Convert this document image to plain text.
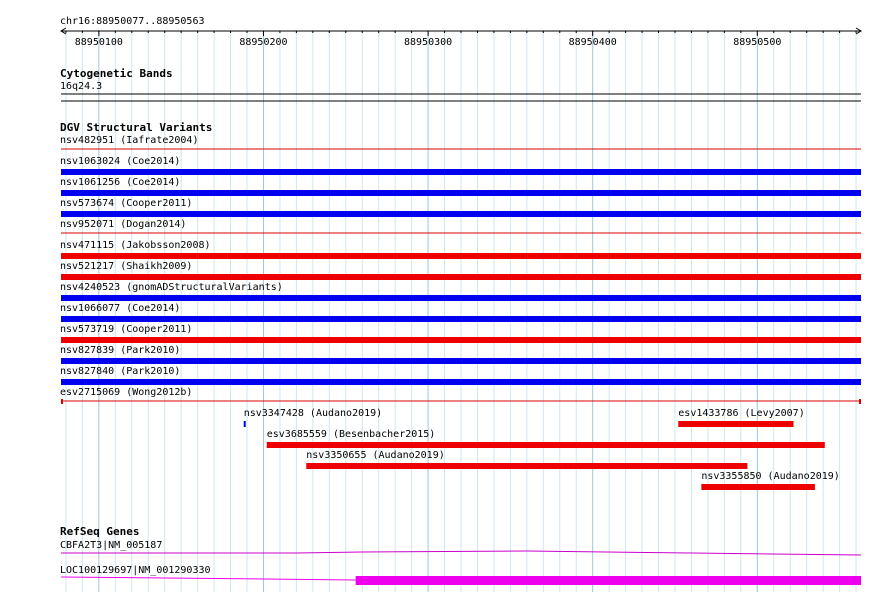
chr16:88950077..88950563
88950100	88950200	88950300	88950400	88950500
Cytogenetic Bands
16q24.3
DGV Structural Variants
nsv482951 (Iafrate2004)
nsv1063024 (Coe2014)
nsv1061256 (Coe2014)
nsv573674 (Cooper2011)
nsv952071 (Dogan2014)
nsv471115 (Jakobsson2008)
nsv521217 (Shaikh2009)
nsv4240523 (gnomADStructuralVariants)
nsv1066077 (Coe2014)
nsv573719 (Cooper2011)
nsv827839 (Park2010)
nsv827840 (Park2010)
esv2715069 (Wong2012b)
nsv3347428 (Audano2019)	esv1433786 (Levy2007)
esv3685559 (Besenbacher2015)
nsv3350655 (Audano2019)
nsv3355850 (Audano2019)
RefSeq Genes
CBFA2T3|NM_005187
LOC100129697|NM_001290330
